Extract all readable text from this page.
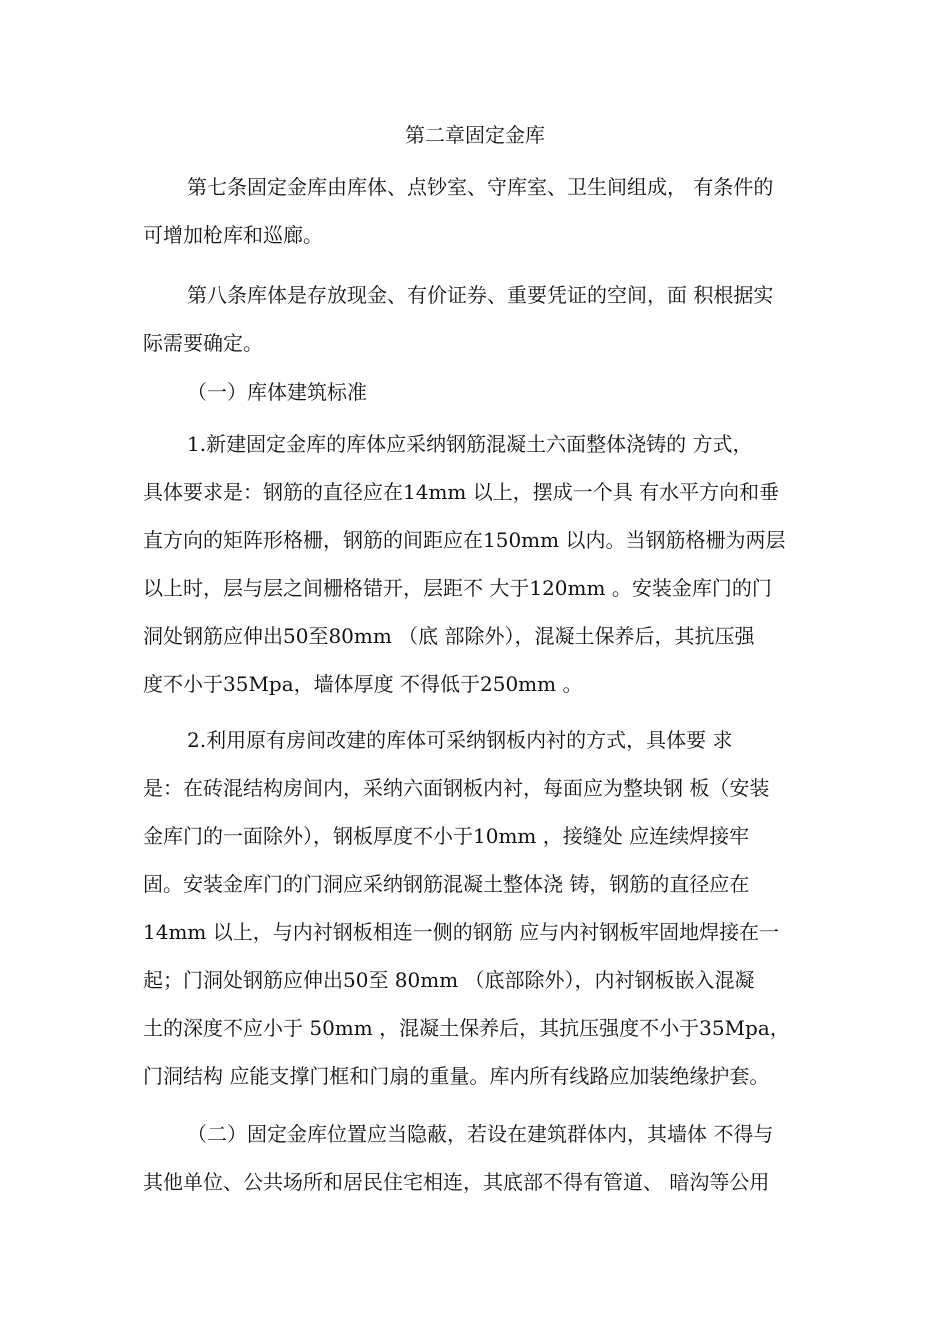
第二章固定金库
第七条固定金库由库体、点钞室、守库室、卫生间组成， 有条件的
可增加枪库和巡廊。
第八条库体是存放现金、有价证券、重要凭证的空间，面 积根据实
际需要确定。
（一）库体建筑标准
1.新建固定金库的库体应采纳钢筋混凝土六面整体浇铸的 方式，
具体要求是：钢筋的直径应在14mm 以上，摆成一个具 有水平方向和垂
直方向的矩阵形格栅，钢筋的间距应在150mm 以内。当钢筋格栅为两层
以上时，层与层之间栅格错开，层距不 大于120mm 。安装金库门的门
洞处钢筋应伸出50至80mm （底 部除外），混凝土保养后，其抗压强
度不小于35Mpa，墙体厚度 不得低于250mm 。
2.利用原有房间改建的库体可采纳钢板内衬的方式，具体要 求
是：在砖混结构房间内，采纳六面钢板内衬，每面应为整块钢 板（安装
金库门的一面除外），钢板厚度不小于10mm ，接缝处 应连续焊接牢
固。安装金库门的门洞应采纳钢筋混凝土整体浇 铸，钢筋的直径应在
14mm 以上，与内衬钢板相连一侧的钢筋 应与内衬钢板牢固地焊接在一
起；门洞处钢筋应伸出50至 80mm （底部除外），内衬钢板嵌入混凝
土的深度不应小于 50mm ，混凝土保养后，其抗压强度不小于35Mpa，
门洞结构 应能支撑门框和门扇的重量。库内所有线路应加装绝缘护套。
（二）固定金库位置应当隐蔽，若设在建筑群体内，其墙体 不得与
其他单位、公共场所和居民住宅相连，其底部不得有管道、 暗沟等公用
